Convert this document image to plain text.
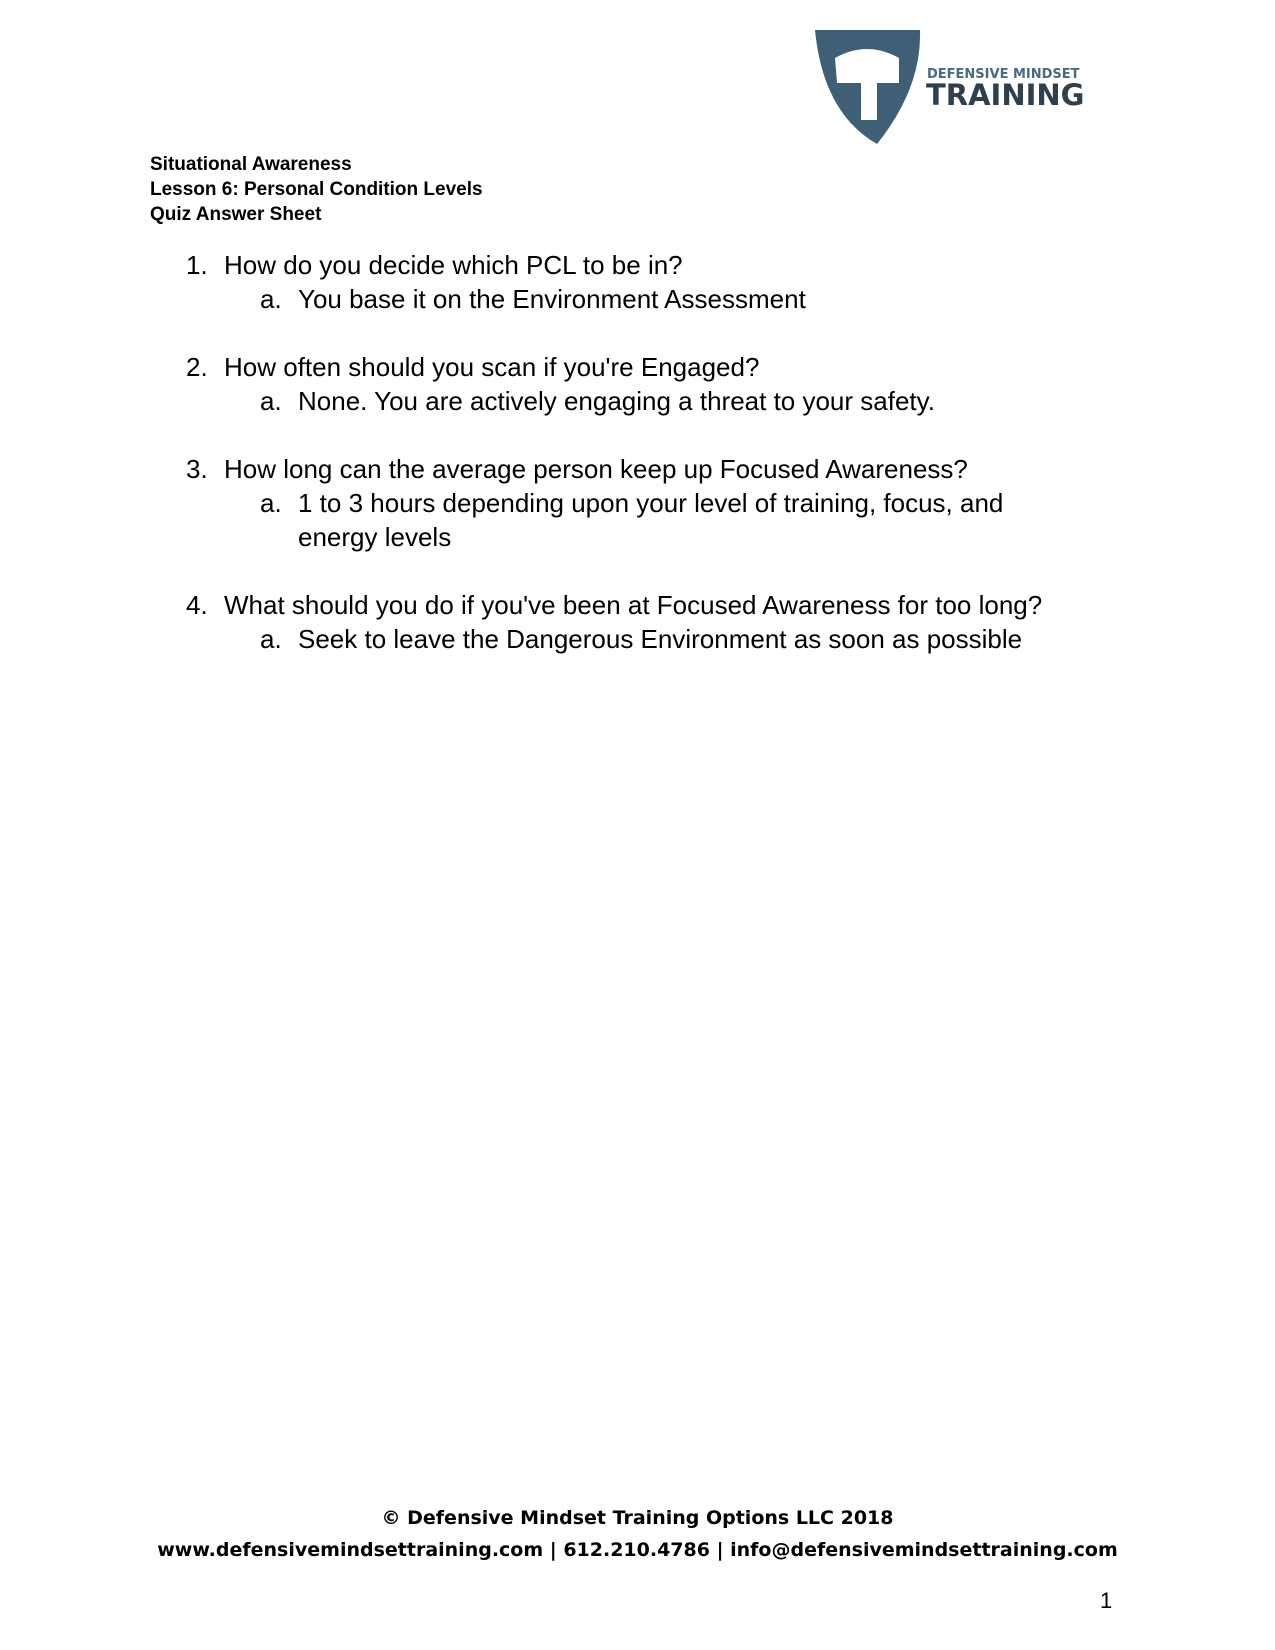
DEFENSIVE MINDSET
TRAINING
Situational Awareness
Lesson 6: Personal Condition Levels
Quiz Answer Sheet
1. How do you decide which PCL to be in?
a. You base it on the Environment Assessment
2. How often should you scan if you're Engaged?
a. None. You are actively engaging a threat to your safety.
3. How long can the average person keep up Focused Awareness?
a. 1 to 3 hours depending upon your level of training, focus, and energy levels
4. What should you do if you've been at Focused Awareness for too long?
a. Seek to leave the Dangerous Environment as soon as possible
© Defensive Mindset Training Options LLC 2018
www.defensivemindsettraining.com | 612.210.4786 | info@defensivemindsettraining.com
1
